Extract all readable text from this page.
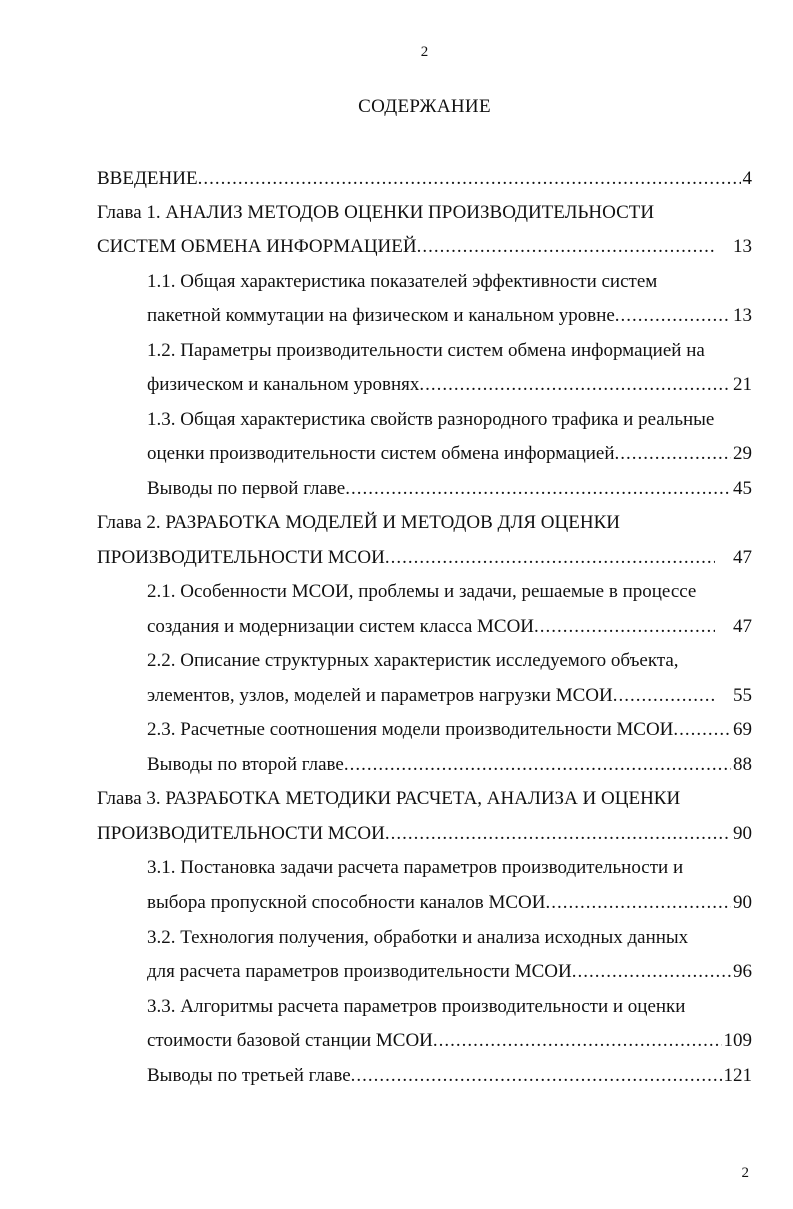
2
СОДЕРЖАНИЕ
ВВЕДЕНИЕ .....	4
Глава 1. АНАЛИЗ МЕТОДОВ ОЦЕНКИ ПРОИЗВОДИТЕЛЬНОСТИ
СИСТЕМ ОБМЕНА ИНФОРМАЦИЕЙ .....	13
1.1. Общая характеристика показателей эффективности систем
пакетной коммутации на физическом и канальном уровне .....	13
1.2. Параметры производительности систем обмена информацией на
физическом и канальном уровнях .....	21
1.3. Общая характеристика свойств разнородного трафика и реальные
оценки производительности систем обмена информацией .....	29
Выводы по первой главе .....	45
Глава 2. РАЗРАБОТКА МОДЕЛЕЙ И МЕТОДОВ ДЛЯ ОЦЕНКИ
ПРОИЗВОДИТЕЛЬНОСТИ МСОИ .....	47
2.1. Особенности МСОИ, проблемы и задачи, решаемые в процессе
создания и модернизации систем класса МСОИ .....	47
2.2. Описание структурных характеристик исследуемого объекта,
элементов, узлов, моделей и параметров нагрузки МСОИ .....	55
2.3. Расчетные соотношения модели производительности МСОИ .....	69
Выводы по второй главе .....	88
Глава 3. РАЗРАБОТКА МЕТОДИКИ РАСЧЕТА, АНАЛИЗА И ОЦЕНКИ
ПРОИЗВОДИТЕЛЬНОСТИ МСОИ .....	90
3.1. Постановка задачи расчета параметров производительности и
выбора пропускной способности каналов МСОИ .....	90
3.2. Технология получения, обработки и анализа исходных данных
для расчета параметров производительности МСОИ .....	96
3.3. Алгоритмы расчета параметров производительности и оценки
стоимости базовой станции МСОИ .....	109
Выводы по третьей главе .....	121
2
